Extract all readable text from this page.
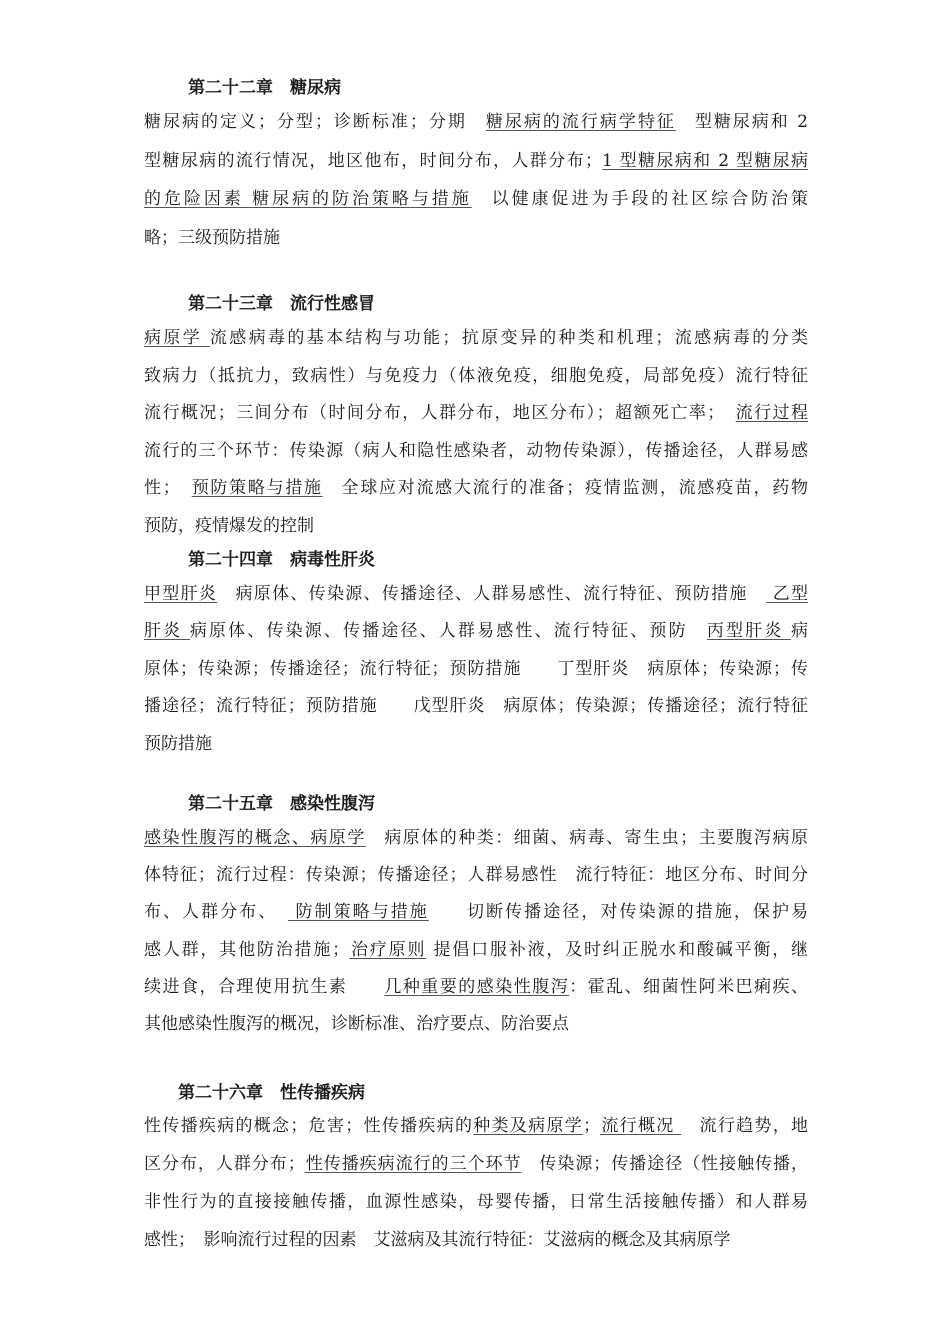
第二十二章　糖尿病
糖尿病的定义；分型；诊断标准；分期　糖尿病的流行病学特征　型糖尿病和 2
型糖尿病的流行情况，地区他布，时间分布，人群分布；1 型糖尿病和 2 型糖尿病
的危险因素 糖尿病的防治策略与措施　以健康促进为手段的社区综合防治策
略；三级预防措施
第二十三章　流行性感冒
病原学 流感病毒的基本结构与功能；抗原变异的种类和机理；流感病毒的分类
致病力（抵抗力，致病性）与免疫力（体液免疫，细胞免疫，局部免疫）流行特征
流行概况；三间分布（时间分布，人群分布，地区分布）；超额死亡率；　流行过程
流行的三个环节：传染源（病人和隐性感染者，动物传染源），传播途径，人群易感
性；　预防策略与措施　全球应对流感大流行的准备；疫情监测，流感疫苗，药物
预防，疫情爆发的控制
第二十四章　病毒性肝炎
甲型肝炎　病原体、传染源、传播途径、人群易感性、流行特征、预防措施　 乙型
肝炎 病原体、传染源、传播途径、人群易感性、流行特征、预防　丙型肝炎 病
原体；传染源；传播途径；流行特征；预防措施　　丁型肝炎　病原体；传染源；传
播途径；流行特征；预防措施　　戊型肝炎　病原体；传染源；传播途径；流行特征
预防措施
第二十五章　感染性腹泻
感染性腹泻的概念、病原学　病原体的种类：细菌、病毒、寄生虫；主要腹泻病原
体特征；流行过程：传染源；传播途径；人群易感性　流行特征：地区分布、时间分
布、人群分布、　 防制策略与措施　　切断传播途径，对传染源的措施，保护易
感人群，其他防治措施；治疗原则 提倡口服补液，及时纠正脱水和酸碱平衡，继
续进食，合理使用抗生素　　几种重要的感染性腹泻：霍乱、细菌性阿米巴痢疾、
其他感染性腹泻的概况，诊断标准、治疗要点、防治要点
第二十六章　性传播疾病
性传播疾病的概念；危害；性传播疾病的种类及病原学；流行概况 　流行趋势，地
区分布，人群分布；性传播疾病流行的三个环节　传染源；传播途径（性接触传播，
非性行为的直接接触传播，血源性感染，母婴传播，日常生活接触传播）和人群易
感性；　影响流行过程的因素　艾滋病及其流行特征：艾滋病的概念及其病原学
